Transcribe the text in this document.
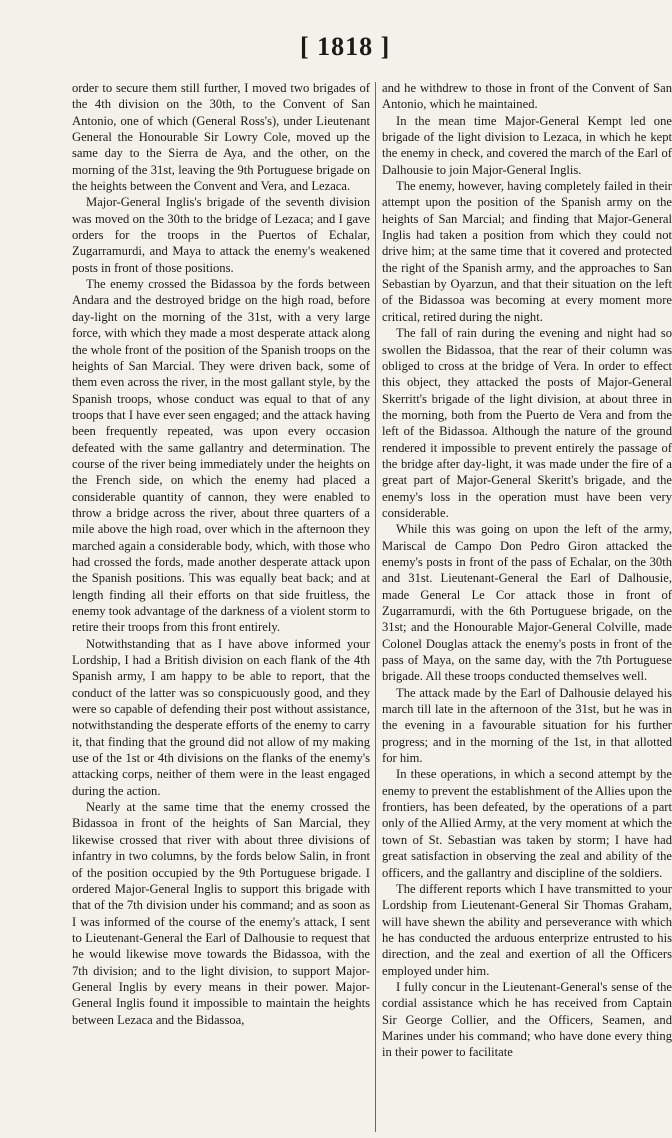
[ 1818 ]

order to secure them still further, I moved two brigades of the 4th division on the 30th, to the Convent of San Antonio, one of which (General Ross's), under Lieutenant General the Honourable Sir Lowry Cole, moved up the same day to the Sierra de Aya, and the other, on the morning of the 31st, leaving the 9th Portuguese brigade on the heights between the Convent and Vera, and Lezaca.

Major-General Inglis's brigade of the seventh division was moved on the 30th to the bridge of Lezaca; and I gave orders for the troops in the Puertos of Echalar, Zugarramurdi, and Maya to attack the enemy's weakened posts in front of those positions.

The enemy crossed the Bidassoa by the fords between Andara and the destroyed bridge on the high road, before day-light on the morning of the 31st, with a very large force, with which they made a most desperate attack along the whole front of the position of the Spanish troops on the heights of San Marcial. They were driven back, some of them even across the river, in the most gallant style, by the Spanish troops, whose conduct was equal to that of any troops that I have ever seen engaged; and the attack having been frequently repeated, was upon every occasion defeated with the same gallantry and determination. The course of the river being immediately under the heights on the French side, on which the enemy had placed a considerable quantity of cannon, they were enabled to throw a bridge across the river, about three quarters of a mile above the high road, over which in the afternoon they marched again a considerable body, which, with those who had crossed the fords, made another desperate attack upon the Spanish positions. This was equally beat back; and at length finding all their efforts on that side fruitless, the enemy took advantage of the darkness of a violent storm to retire their troops from this front entirely.

Notwithstanding that as I have above informed your Lordship, I had a British division on each flank of the 4th Spanish army, I am happy to be able to report, that the conduct of the latter was so conspicuously good, and they were so capable of defending their post without assistance, notwithstanding the desperate efforts of the enemy to carry it, that finding that the ground did not allow of my making use of the 1st or 4th divisions on the flanks of the enemy's attacking corps, neither of them were in the least engaged during the action.

Nearly at the same time that the enemy crossed the Bidassoa in front of the heights of San Marcial, they likewise crossed that river with about three divisions of infantry in two columns, by the fords below Salin, in front of the position occupied by the 9th Portuguese brigade. I ordered Major-General Inglis to support this brigade with that of the 7th division under his command; and as soon as I was informed of the course of the enemy's attack, I sent to Lieutenant-General the Earl of Dalhousie to request that he would likewise move towards the Bidassoa, with the 7th division; and to the light division, to support Major-General Inglis by every means in their power. Major-General Inglis found it impossible to maintain the heights between Lezaca and the Bidassoa,

and he withdrew to those in front of the Convent of San Antonio, which he maintained.

In the mean time Major-General Kempt led one brigade of the light division to Lezaca, in which he kept the enemy in check, and covered the march of the Earl of Dalhousie to join Major-General Inglis.

The enemy, however, having completely failed in their attempt upon the position of the Spanish army on the heights of San Marcial; and finding that Major-General Inglis had taken a position from which they could not drive him; at the same time that it covered and protected the right of the Spanish army, and the approaches to San Sebastian by Oyarzun, and that their situation on the left of the Bidassoa was becoming at every moment more critical, retired during the night.

The fall of rain during the evening and night had so swollen the Bidassoa, that the rear of their column was obliged to cross at the bridge of Vera. In order to effect this object, they attacked the posts of Major-General Skerritt's brigade of the light division, at about three in the morning, both from the Puerto de Vera and from the left of the Bidassoa. Although the nature of the ground rendered it impossible to prevent entirely the passage of the bridge after day-light, it was made under the fire of a great part of Major-General Skeritt's brigade, and the enemy's loss in the operation must have been very considerable.

While this was going on upon the left of the army, Mariscal de Campo Don Pedro Giron attacked the enemy's posts in front of the pass of Echalar, on the 30th and 31st. Lieutenant-General the Earl of Dalhousie, made General Le Cor attack those in front of Zugarramurdi, with the 6th Portuguese brigade, on the 31st; and the Honourable Major-General Colville, made Colonel Douglas attack the enemy's posts in front of the pass of Maya, on the same day, with the 7th Portuguese brigade. All these troops conducted themselves well.

The attack made by the Earl of Dalhousie delayed his march till late in the afternoon of the 31st, but he was in the evening in a favourable situation for his further progress; and in the morning of the 1st, in that allotted for him.

In these operations, in which a second attempt by the enemy to prevent the establishment of the Allies upon the frontiers, has been defeated, by the operations of a part only of the Allied Army, at the very moment at which the town of St. Sebastian was taken by storm; I have had great satisfaction in observing the zeal and ability of the officers, and the gallantry and discipline of the soldiers.

The different reports which I have transmitted to your Lordship from Lieutenant-General Sir Thomas Graham, will have shewn the ability and perseverance with which he has conducted the arduous enterprize entrusted to his direction, and the zeal and exertion of all the Officers employed under him.

I fully concur in the Lieutenant-General's sense of the cordial assistance which he has received from Captain Sir George Collier, and the Officers, Seamen, and Marines under his command; who have done every thing in their power to facilitate
